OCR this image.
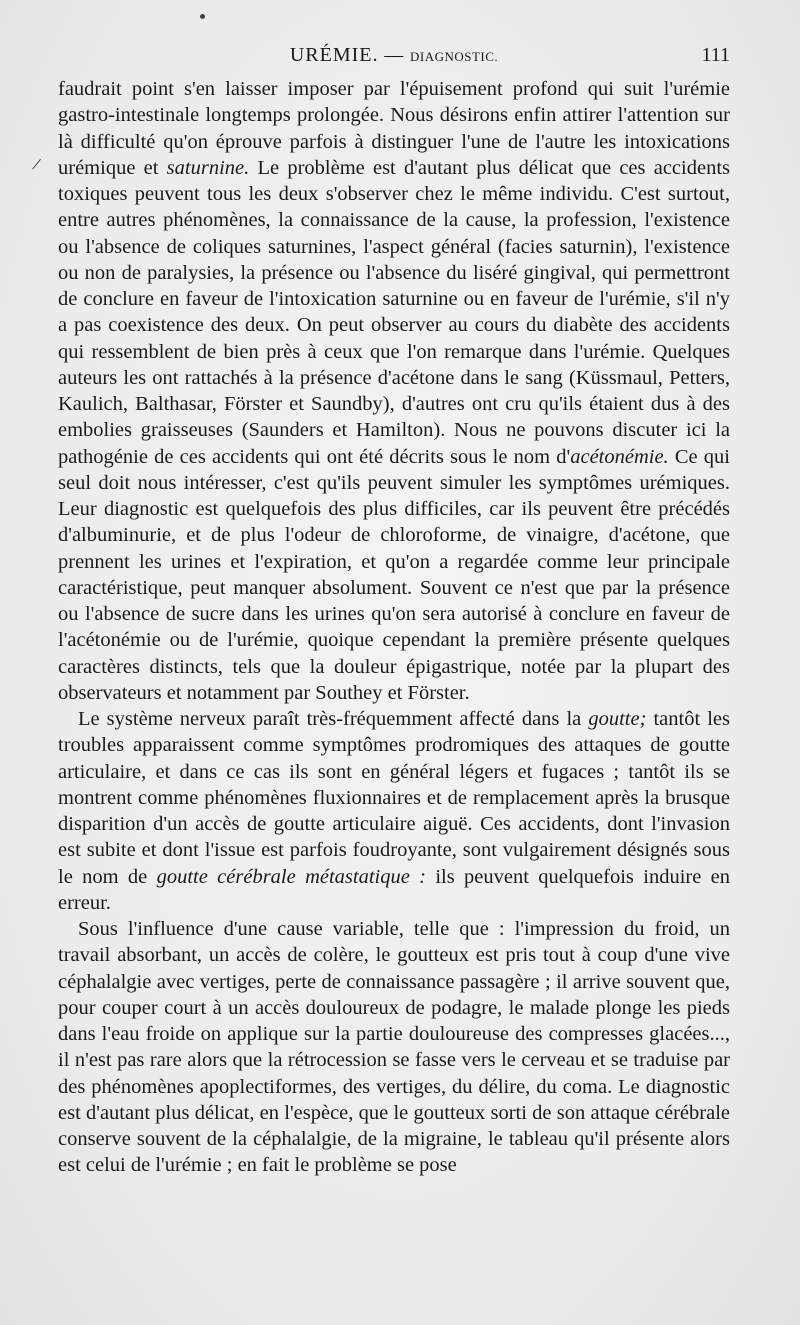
URÉMIE. — DIAGNOSTIC.	111
/

faudrait point s'en laisser imposer par l'épuisement profond qui suit l'urémie gastro-intestinale longtemps prolongée. Nous désirons enfin attirer l'attention sur là difficulté qu'on éprouve parfois à distinguer l'une de l'autre les intoxications urémique et saturnine. Le problème est d'autant plus délicat que ces accidents toxiques peuvent tous les deux s'observer chez le même individu. C'est surtout, entre autres phénomènes, la connaissance de la cause, la profession, l'existence ou l'absence de coliques saturnines, l'aspect général (facies saturnin), l'existence ou non de paralysies, la présence ou l'absence du liséré gingival, qui permettront de conclure en faveur de l'intoxication saturnine ou en faveur de l'urémie, s'il n'y a pas coexistence des deux. On peut observer au cours du diabète des accidents qui ressemblent de bien près à ceux que l'on remarque dans l'urémie. Quelques auteurs les ont rattachés à la présence d'acétone dans le sang (Küssmaul, Petters, Kaulich, Balthasar, Förster et Saundby), d'autres ont cru qu'ils étaient dus à des embolies graisseuses (Saunders et Hamilton). Nous ne pouvons discuter ici la pathogénie de ces accidents qui ont été décrits sous le nom d'acétonémie. Ce qui seul doit nous intéresser, c'est qu'ils peuvent simuler les symptômes urémiques. Leur diagnostic est quelquefois des plus difficiles, car ils peuvent être précédés d'albuminurie, et de plus l'odeur de chloroforme, de vinaigre, d'acétone, que prennent les urines et l'expiration, et qu'on a regardée comme leur principale caractéristique, peut manquer absolument. Souvent ce n'est que par la présence ou l'absence de sucre dans les urines qu'on sera autorisé à conclure en faveur de l'acétonémie ou de l'urémie, quoique cependant la première présente quelques caractères distincts, tels que la douleur épigastrique, notée par la plupart des observateurs et notamment par Southey et Förster.

Le système nerveux paraît très-fréquemment affecté dans la goutte; tantôt les troubles apparaissent comme symptômes prodromiques des attaques de goutte articulaire, et dans ce cas ils sont en général légers et fugaces ; tantôt ils se montrent comme phénomènes fluxionnaires et de remplacement après la brusque disparition d'un accès de goutte articulaire aiguë. Ces accidents, dont l'invasion est subite et dont l'issue est parfois foudroyante, sont vulgairement désignés sous le nom de goutte cérébrale métastatique : ils peuvent quelquefois induire en erreur.

Sous l'influence d'une cause variable, telle que : l'impression du froid, un travail absorbant, un accès de colère, le goutteux est pris tout à coup d'une vive céphalalgie avec vertiges, perte de connaissance passagère ; il arrive souvent que, pour couper court à un accès douloureux de podagre, le malade plonge les pieds dans l'eau froide on applique sur la partie douloureuse des compresses glacées..., il n'est pas rare alors que la rétrocession se fasse vers le cerveau et se traduise par des phénomènes apoplectiformes, des vertiges, du délire, du coma. Le diagnostic est d'autant plus délicat, en l'espèce, que le goutteux sorti de son attaque cérébrale conserve souvent de la céphalalgie, de la migraine, le tableau qu'il présente alors est celui de l'urémie ; en fait le problème se pose
